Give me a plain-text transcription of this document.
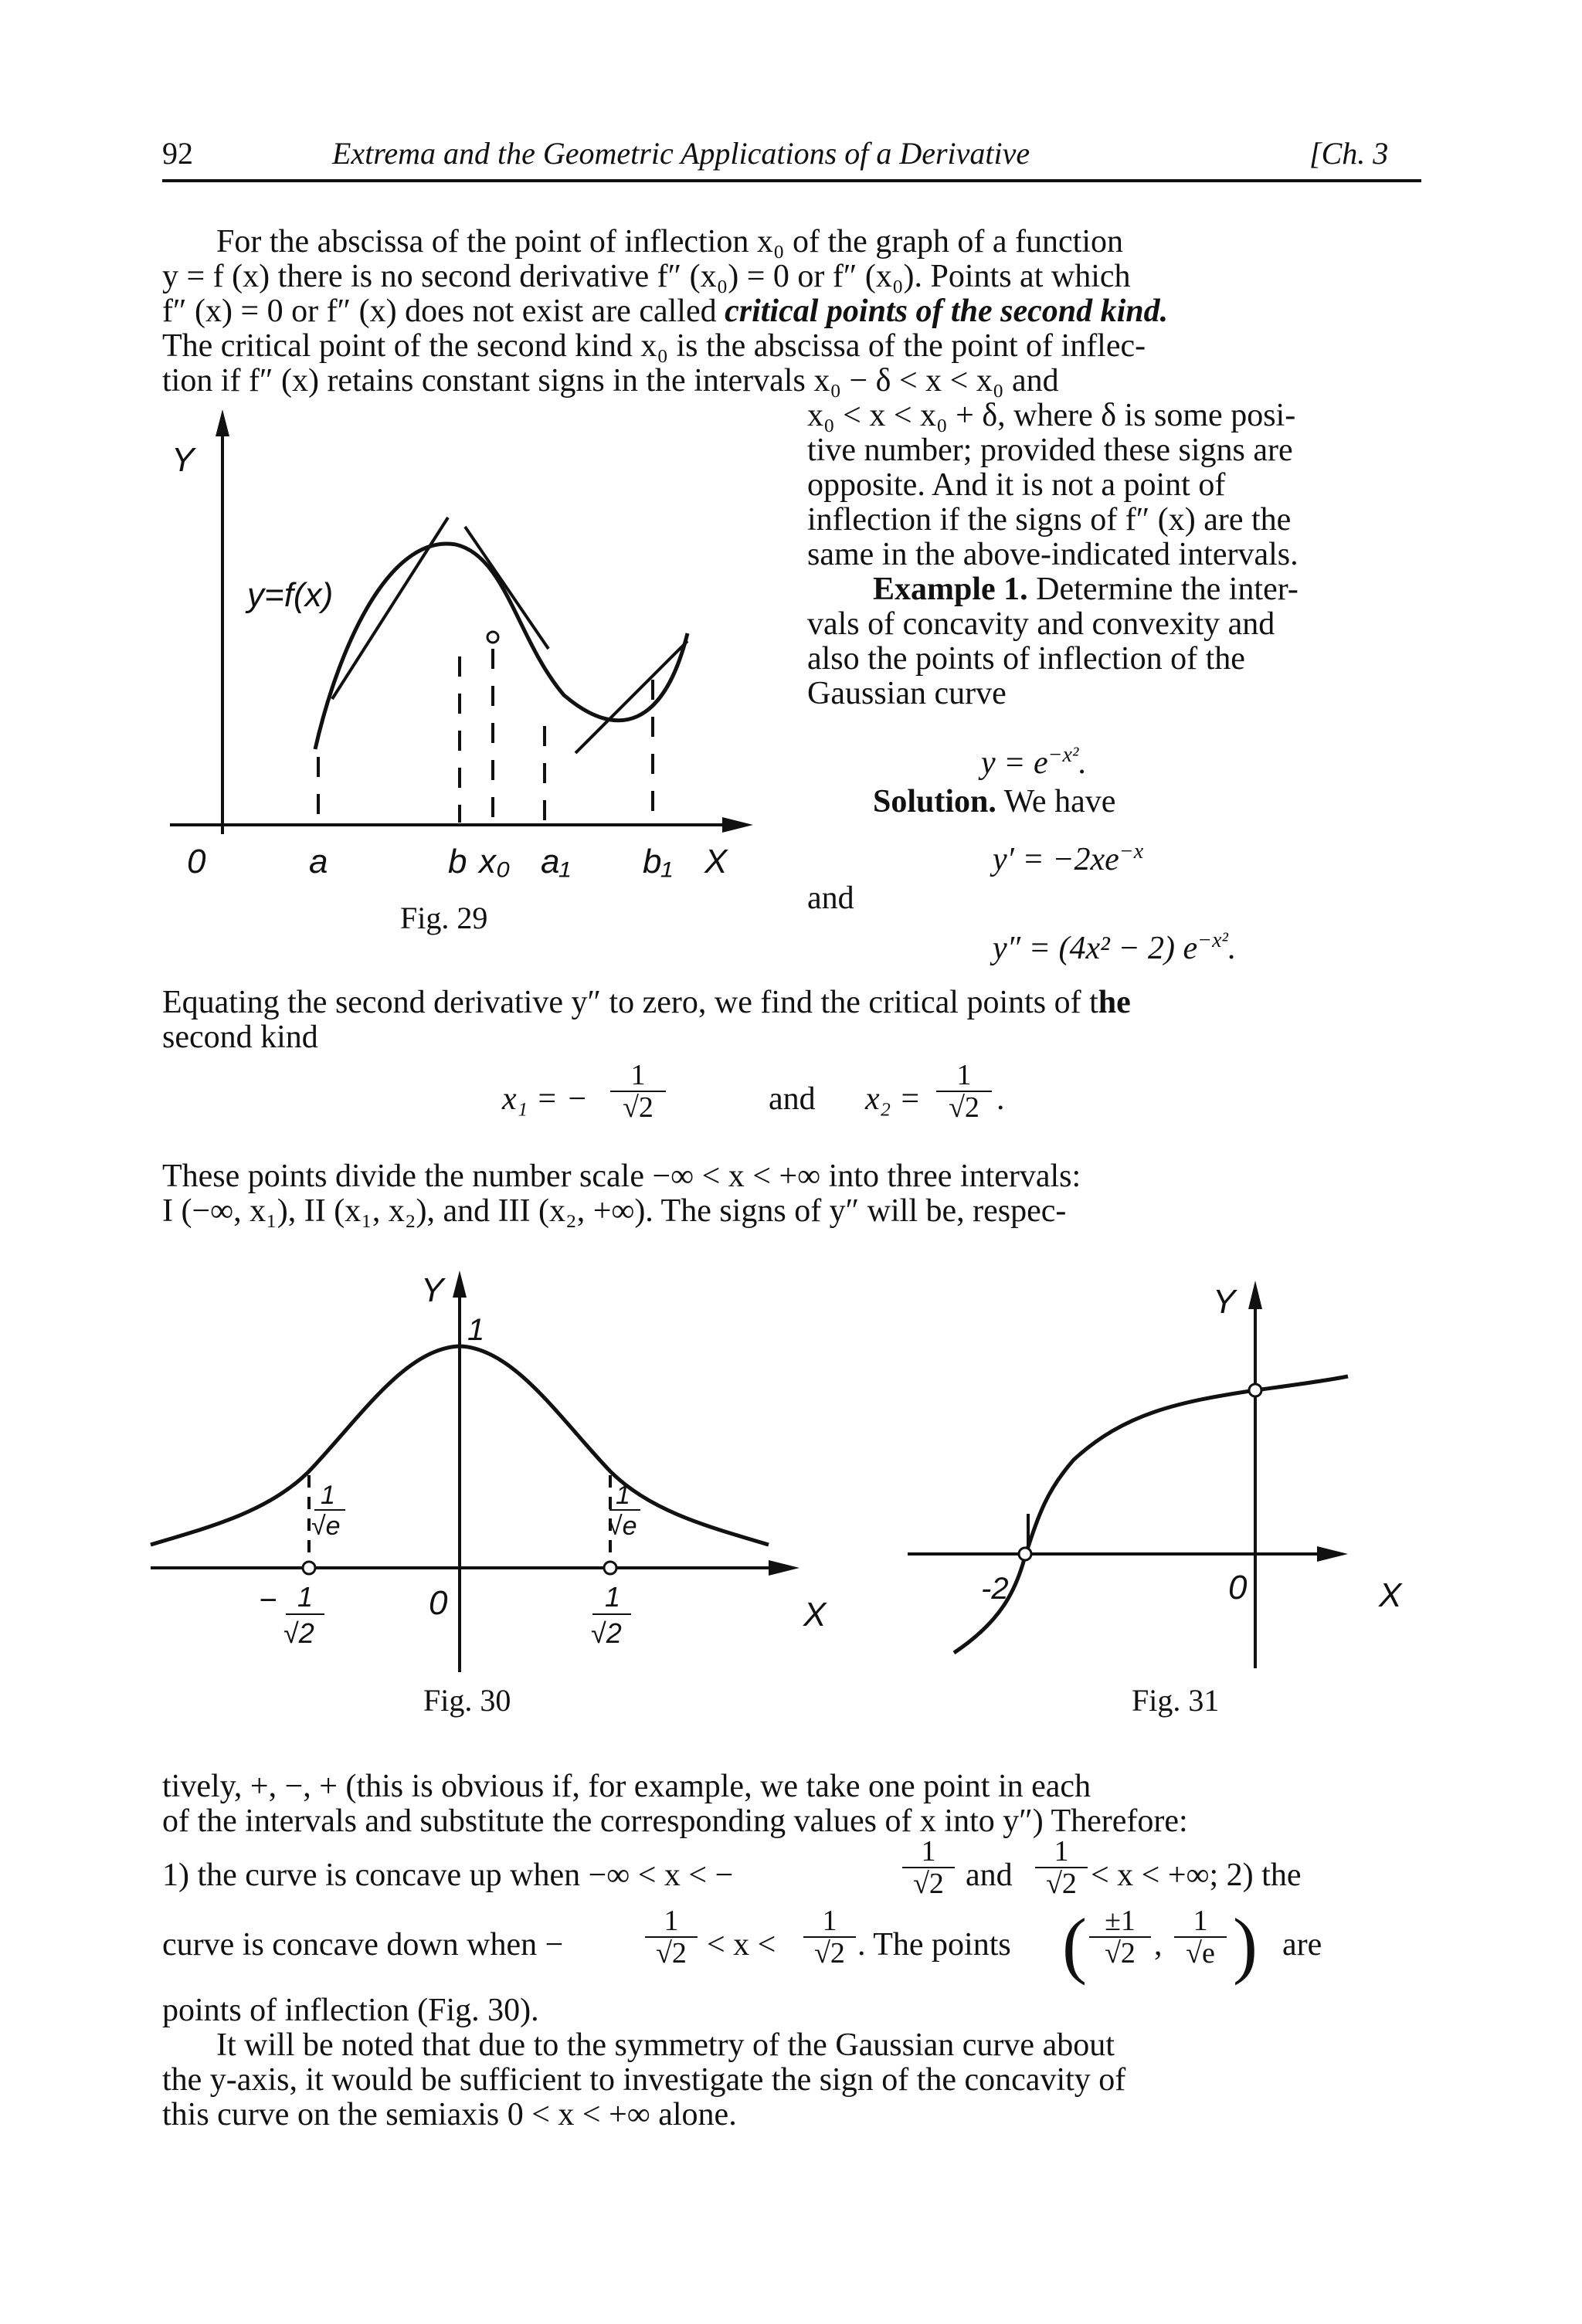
92	Extrema and the Geometric Applications of a Derivative	[Ch. 3
For the abscissa of the point of inflection x₀ of the graph of a function
y = f (x) there is no second derivative f″ (x₀) = 0 or f″ (x₀). Points at which
f″ (x) = 0 or f″ (x) does not exist are called critical points of the second kind.
The critical point of the second kind x₀ is the abscissa of the point of inflec-
tion if f″ (x) retains constant signs in the intervals x₀ − δ < x < x₀ and
x₀ < x < x₀ + δ, where δ is some posi-
tive number; provided these signs are
opposite. And it is not a point of
inflection if the signs of f″ (x) are the
same in the above-indicated intervals.
Example 1. Determine the inter-
vals of concavity and convexity and
also the points of inflection of the
Gaussian curve
$y = e^{-x^2}$.
Solution. We have
$y' = -2xe^{-x}$
and
y″ = (4x² − 2) $e^{-x^2}$.
Y
0
y=f(x)
a	b x₀ a₁ b₁ X
Fig. 29
Equating the second derivative y″ to zero, we find the critical points of the
second kind
x₁ = − $\frac{1}{√2}$	and $x_2 = \frac{1}{√2}$ .
These points divide the number scale −∞ < x < +∞ into three intervals:
I (−∞, x₁), II (x₁, x₂), and III (x₂, +∞). The signs of y″ will be, respec-
Y
1
0	X
1
√e
1
√e
− 1
√2
1
√2
Fig. 30
Y
-2	0	X
Fig. 31
tively, +, −, + (this is obvious if, for example, we take one point in each
of the intervals and substitute the corresponding values of x into y″) Therefore:
1) the curve is concave up when −∞ < x < −	$\frac{1}{√2}$ and $\frac{1}{√2} < x$ < +∞; 2) the
curve is concave down when −	$\frac{1}{√2} < x < \frac{1}{√2}$ . The points ( $\frac{\pm 1}{√2}$ , $\frac{1}{√e}$ ) are
points of inflection (Fig. 30).
It will be noted that due to the symmetry of the Gaussian curve about
the y-axis, it would be sufficient to investigate the sign of the concavity of
this curve on the semiaxis 0 < x < +∞ alone.
